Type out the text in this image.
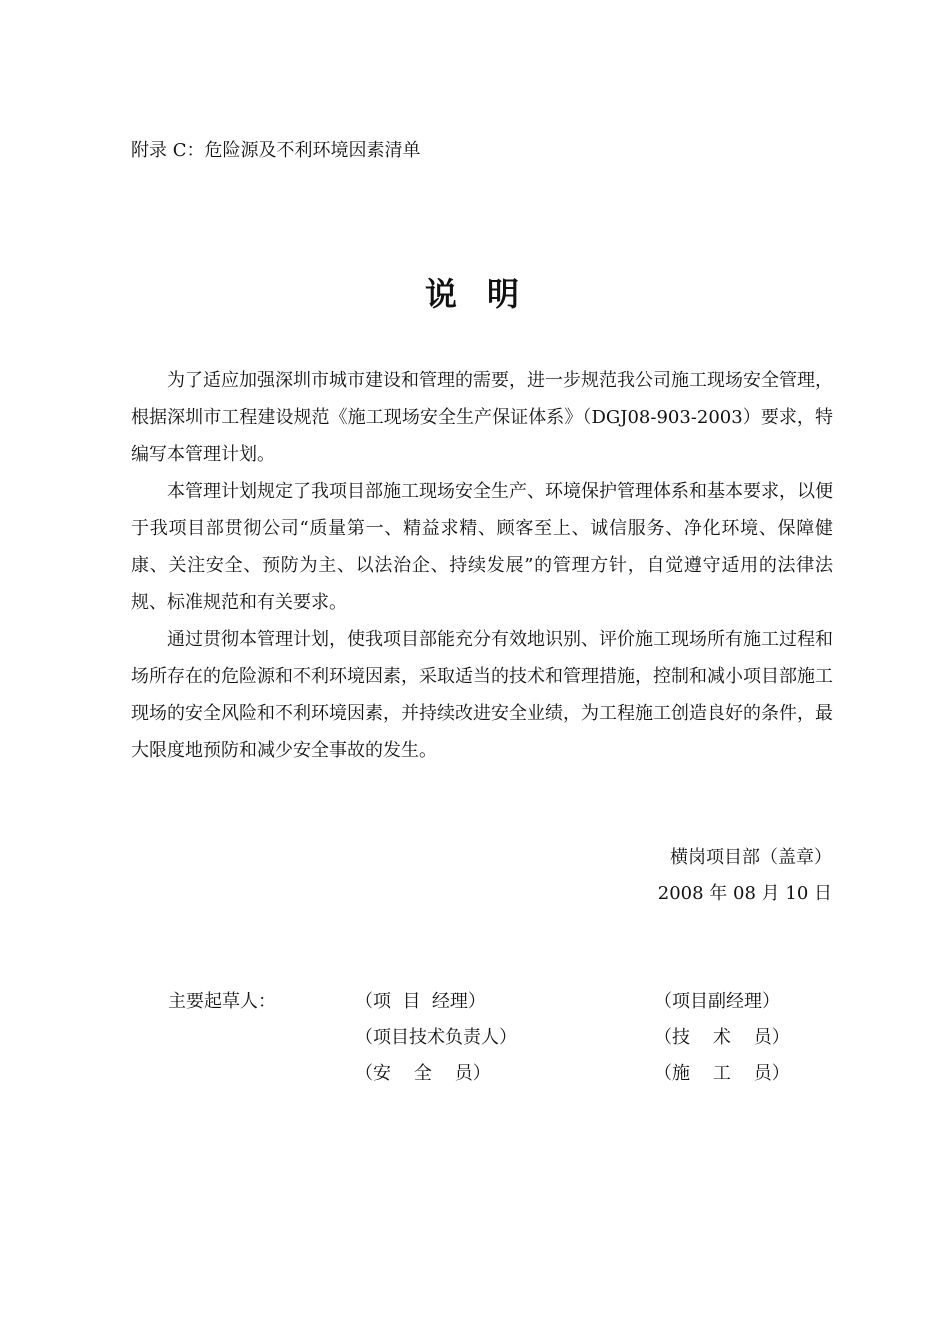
附录 C：危险源及不利环境因素清单
说明

为了适应加强深圳市城市建设和管理的需要，进一步规范我公司施工现场安全管理，根据深圳市工程建设规范《施工现场安全生产保证体系》（DGJ08-903-2003）要求，特编写本管理计划。

本管理计划规定了我项目部施工现场安全生产、环境保护管理体系和基本要求，以便于我项目部贯彻公司“质量第一、精益求精、顾客至上、诚信服务、净化环境、保障健康、关注安全、预防为主、以法治企、持续发展”的管理方针，自觉遵守适用的法律法规、标准规范和有关要求。

通过贯彻本管理计划，使我项目部能充分有效地识别、评价施工现场所有施工过程和场所存在的危险源和不利环境因素，采取适当的技术和管理措施，控制和减小项目部施工现场的安全风险和不利环境因素，并持续改进安全业绩，为工程施工创造良好的条件，最大限度地预防和减少安全事故的发生。

横岗项目部（盖章）
2008 年 08 月 10 日
主要起草人：	（项  目  经理）
（项目技术负责人）
（安    全    员）
（项目副经理）
（技    术    员）
（施    工    员）
